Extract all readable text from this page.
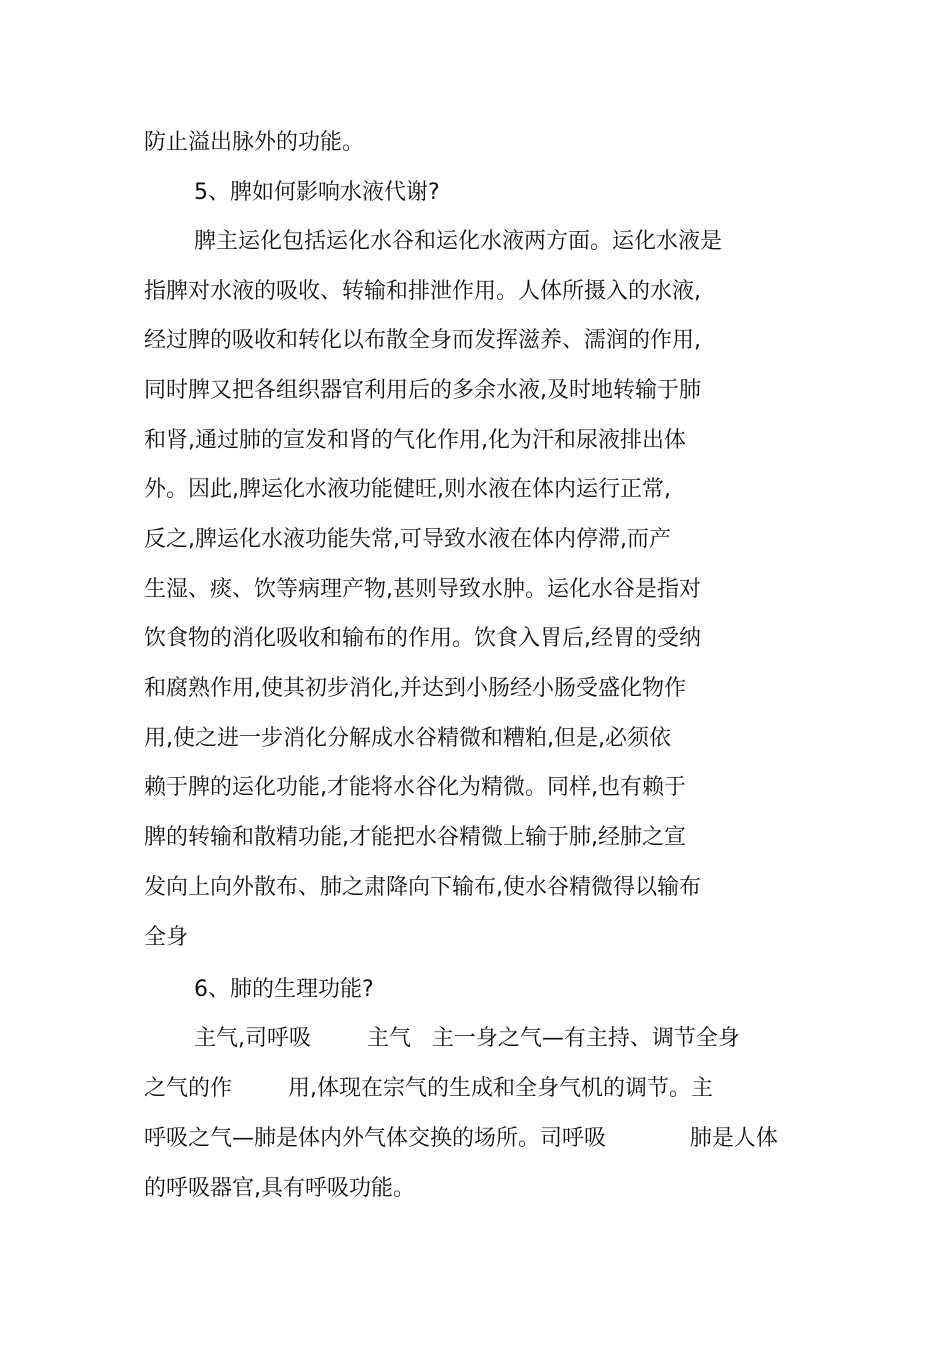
防止溢出脉外的功能。
5、脾如何影响水液代谢?
脾主运化包括运化水谷和运化水液两方面。运化水液是
指脾对水液的吸收、转输和排泄作用。人体所摄入的水液,
经过脾的吸收和转化以布散全身而发挥滋养、濡润的作用,
同时脾又把各组织器官利用后的多余水液,及时地转输于肺
和肾,通过肺的宣发和肾的气化作用,化为汗和尿液排出体
外。因此,脾运化水液功能健旺,则水液在体内运行正常,
反之,脾运化水液功能失常,可导致水液在体内停滞,而产
生湿、痰、饮等病理产物,甚则导致水肿。运化水谷是指对
饮食物的消化吸收和输布的作用。饮食入胃后,经胃的受纳
和腐熟作用,使其初步消化,并达到小肠经小肠受盛化物作
用,使之进一步消化分解成水谷精微和糟粕,但是,必须依
赖于脾的运化功能,才能将水谷化为精微。同样,也有赖于
脾的转输和散精功能,才能把水谷精微上输于肺,经肺之宣
发向上向外散布、肺之肃降向下输布,使水谷精微得以输布
全身
6、肺的生理功能?
主气,司呼吸        主气   主一身之气—有主持、调节全身
之气的作        用,体现在宗气的生成和全身气机的调节。主
呼吸之气—肺是体内外气体交换的场所。司呼吸            肺是人体
的呼吸器官,具有呼吸功能。
